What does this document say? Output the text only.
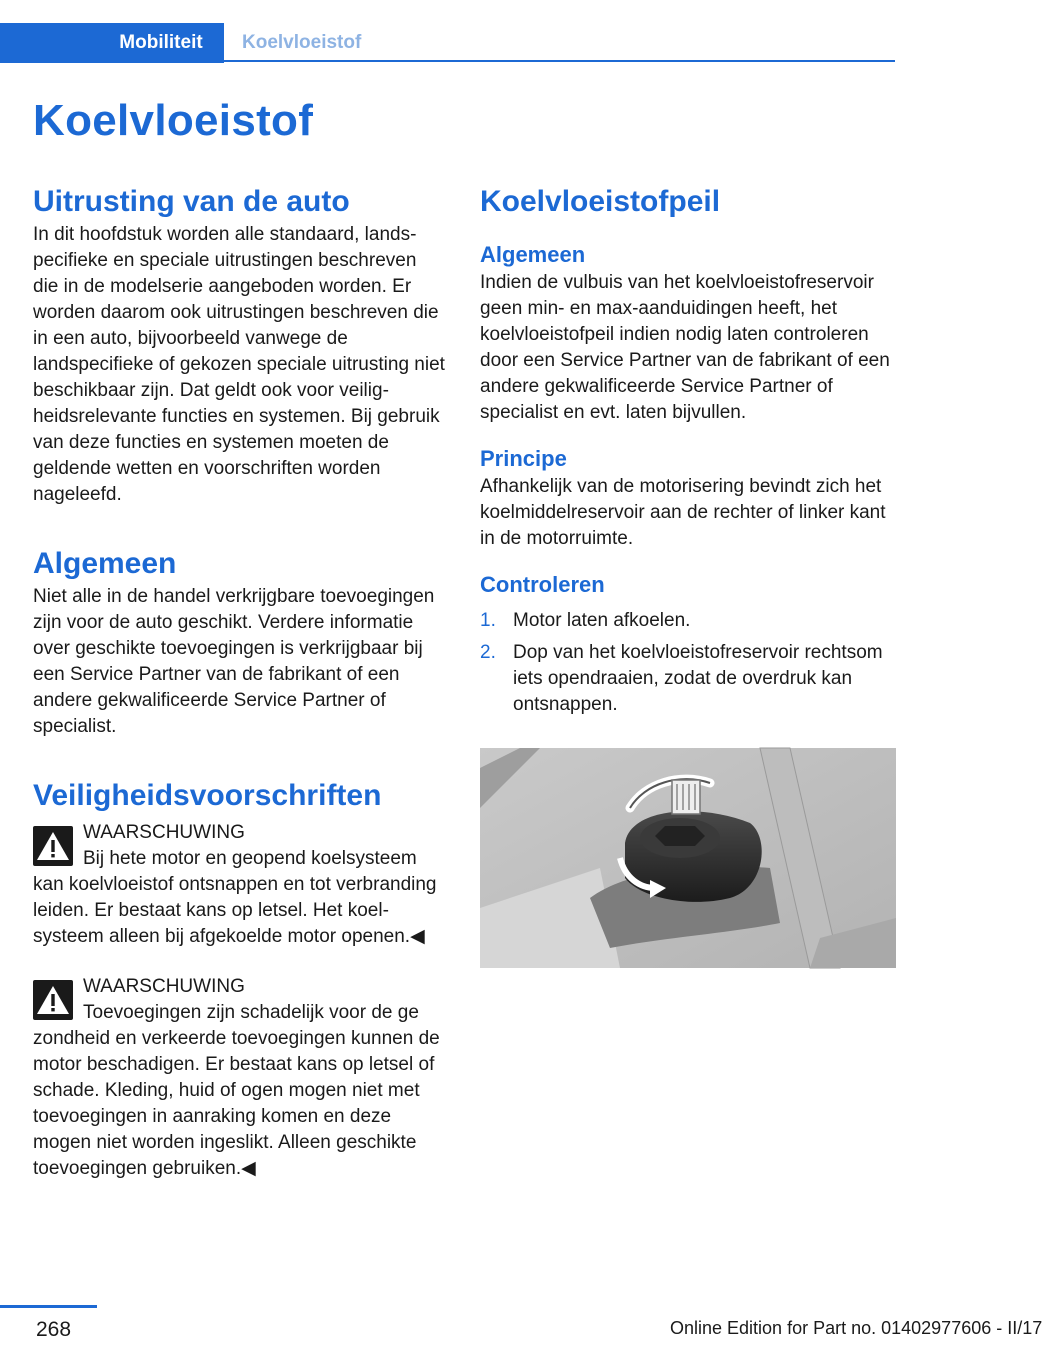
Mobiliteit	Koelvloeistof
Koelvloeistof
Uitrusting van de auto

In dit hoofdstuk worden alle standaard, landspecifieke en speciale uitrustingen beschreven die in de modelserie aangeboden worden. Er worden daarom ook uitrustingen beschreven die in een auto, bijvoorbeeld vanwege de landspecifieke of gekozen speciale uitrusting niet beschikbaar zijn. Dat geldt ook voor veiligheidsrelevante functies en systemen. Bij gebruik van deze functies en systemen moeten de geldende wetten en voorschriften worden nageleefd.

Algemeen

Niet alle in de handel verkrijgbare toevoegingen zijn voor de auto geschikt. Verdere informatie over geschikte toevoegingen is verkrijgbaar bij een Service Partner van de fabrikant of een andere gekwalificeerde Service Partner of specialist.

Veiligheidsvoorschriften
WAARSCHUWING
Bij hete motor en geopend koelsysteem
kan koelvloeistof ontsnappen en tot verbranding leiden. Er bestaat kans op letsel. Het koelsysteem alleen bij afgekoelde motor openen.◀
WAARSCHUWING
Toevoegingen zijn schadelijk voor de ge
zondheid en verkeerde toevoegingen kunnen de motor beschadigen. Er bestaat kans op letsel of schade. Kleding, huid of ogen mogen niet met toevoegingen in aanraking komen en deze mogen niet worden ingeslikt. Alleen geschikte toevoegingen gebruiken.◀
Koelvloeistofpeil
Algemeen

Indien de vulbuis van het koelvloeistofreservoir geen min- en max-aanduidingen heeft, het koelvloeistofpeil indien nodig laten controleren door een Service Partner van de fabrikant of een andere gekwalificeerde Service Partner of specialist en evt. laten bijvullen.

Principe

Afhankelijk van de motorisering bevindt zich het koelmiddelreservoir aan de rechter of linker kant in de motorruimte.

Controleren
1. Motor laten afkoelen.
2. Dop van het koelvloeistofreservoir rechtsom iets opendraaien, zodat de overdruk kan ontsnappen.
268	Online Edition for Part no. 01402977606 - II/17
